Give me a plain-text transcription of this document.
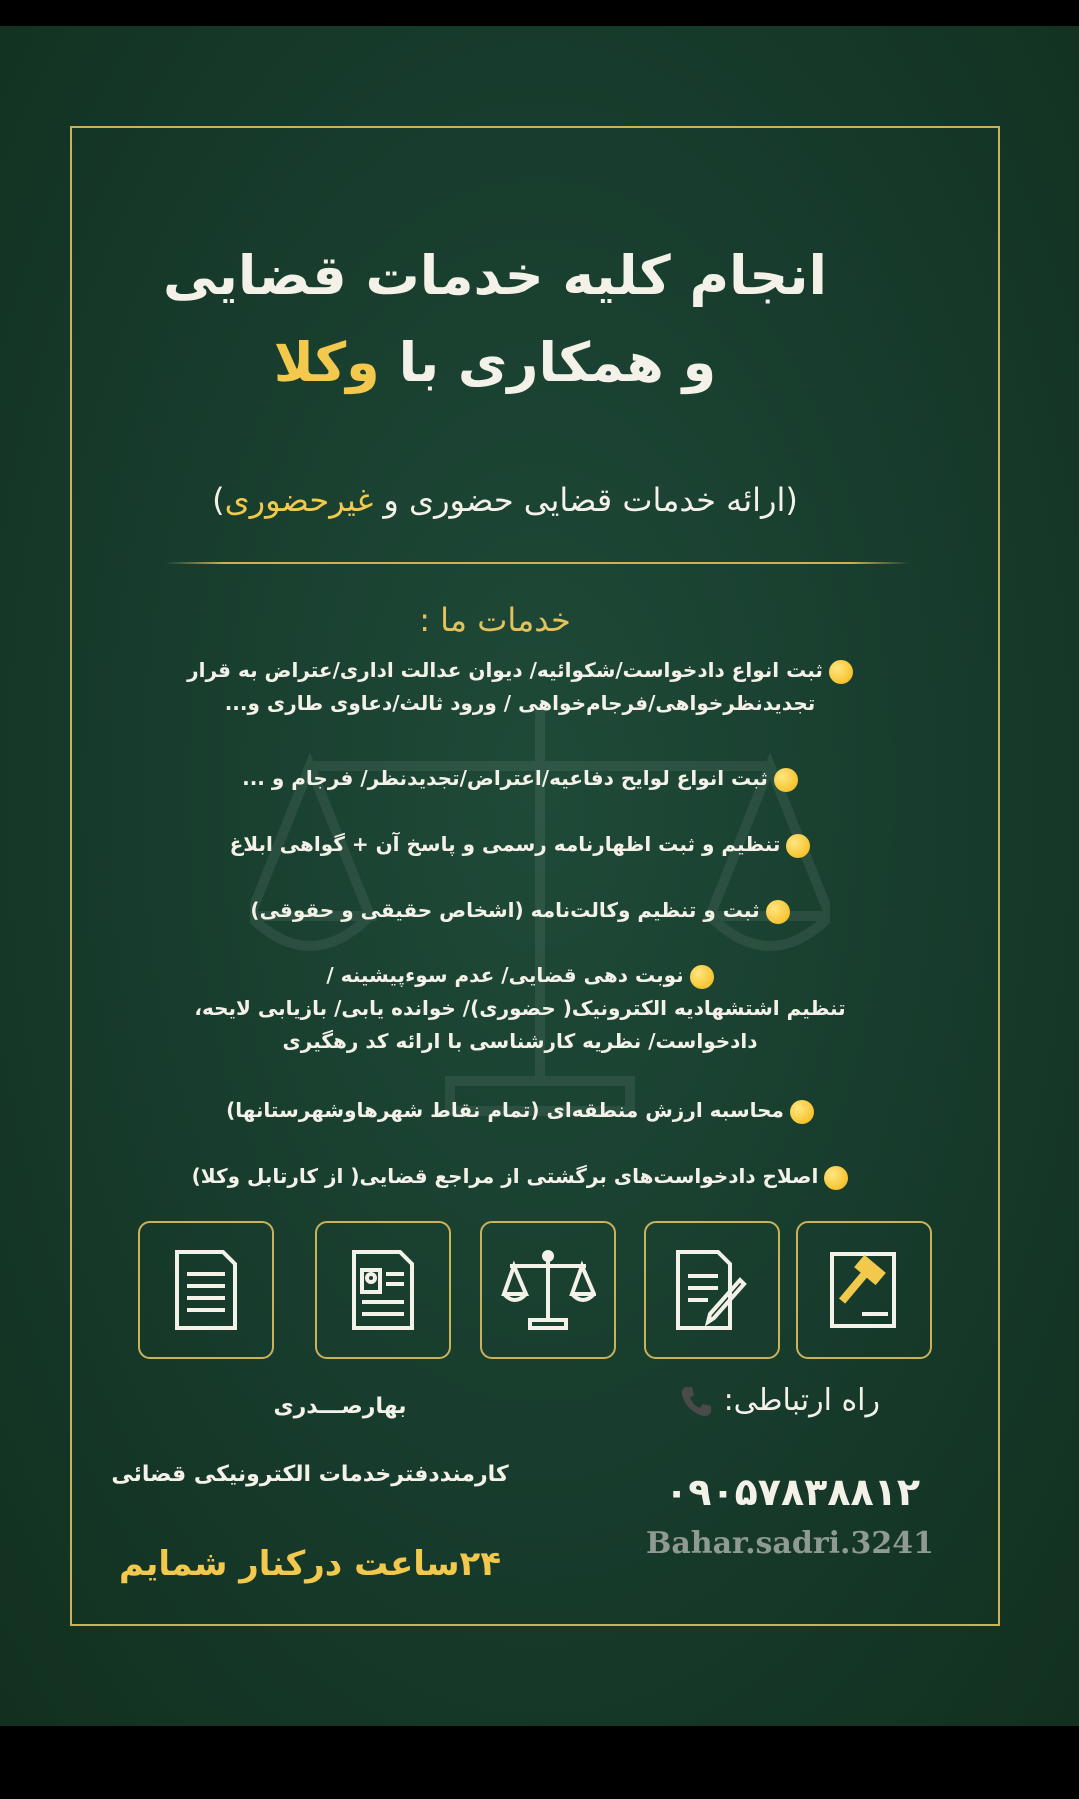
انجام کلیه خدمات قضایی
و همکاری با وکلا
(ارائه خدمات قضایی حضوری و غیرحضوری)
خدمات ما :
ثبت انواع دادخواست/شکوائیه/ دیوان عدالت اداری/عتراض به قرار
تجدیدنظرخواهی/فرجام‌خواهی / ورود ثالث/دعاوی طاری و...
ثبت انواع لوایح دفاعیه/اعتراض/تجدیدنظر/ فرجام و ...
تنظیم و ثبت اظهارنامه رسمی و پاسخ آن + گواهی ابلاغ
ثبت و تنظیم وکالت‌نامه (اشخاص حقیقی و حقوقی)
نوبت دهی قضایی/ عدم سوءپیشینه /
تنظیم اشتشهادیه الکترونیک( حضوری)/ خوانده یابی/ بازیابی لایحه،
دادخواست/ نظریه کارشناسی با ارائه کد رهگیری
محاسبه ارزش منطقه‌ای (تمام نقاط شهرهاوشهرستانها)
اصلاح دادخواست‌های برگشتی از مراجع قضایی( از کارتابل وکلا)
راه ارتباطی:
۰۹۰۵۷۸۳۸۸۱۲
Bahar.sadri.3241
بهارصـــدری
کارمنددفترخدمات الکترونیکی قضائی
۲۴ساعت درکنار شمایم
